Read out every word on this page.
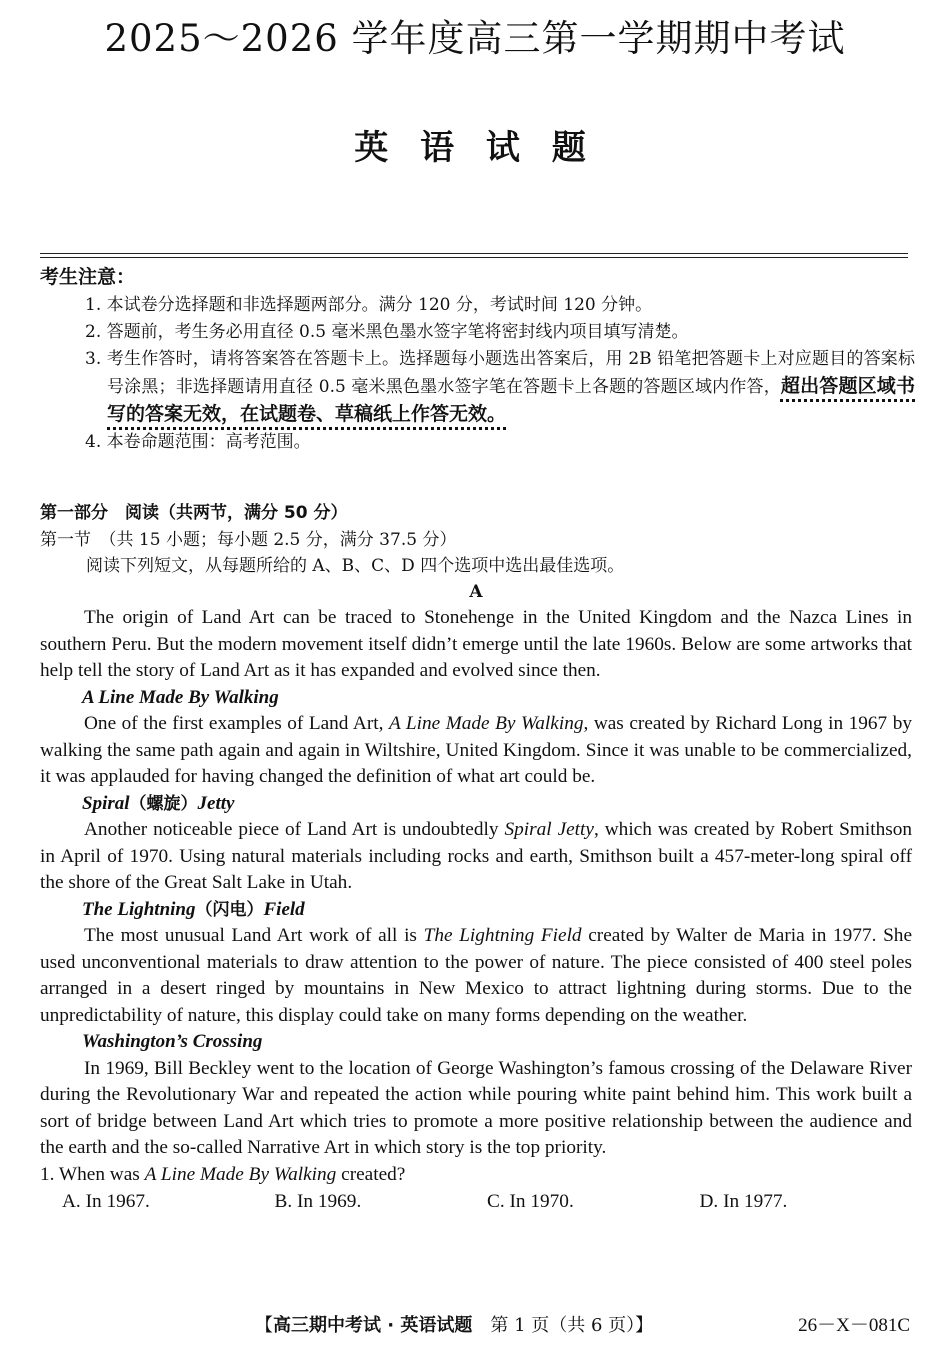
2025～2026 学年度高三第一学期期中考试
英 语 试 题
考生注意：
1. 本试卷分选择题和非选择题两部分。满分 120 分，考试时间 120 分钟。
2. 答题前，考生务必用直径 0.5 毫米黑色墨水签字笔将密封线内项目填写清楚。
3. 考生作答时，请将答案答在答题卡上。选择题每小题选出答案后，用 2B 铅笔把答题卡上对应题目的答案标号涂黑；非选择题请用直径 0.5 毫米黑色墨水签字笔在答题卡上各题的答题区域内作答，超出答题区域书写的答案无效，在试题卷、草稿纸上作答无效。
4. 本卷命题范围：高考范围。
第一部分　阅读（共两节，满分 50 分）
第一节　（共 15 小题；每小题 2.5 分，满分 37.5 分）
阅读下列短文，从每题所给的 A、B、C、D 四个选项中选出最佳选项。
A

The origin of Land Art can be traced to Stonehenge in the United Kingdom and the Nazca Lines in southern Peru. But the modern movement itself didn’t emerge until the late 1960s. Below are some artworks that help tell the story of Land Art as it has expanded and evolved since then.

A Line Made By Walking

One of the first examples of Land Art, A Line Made By Walking, was created by Richard Long in 1967 by walking the same path again and again in Wiltshire, United Kingdom. Since it was unable to be commercialized, it was applauded for having changed the definition of what art could be.

Spiral（螺旋）Jetty

Another noticeable piece of Land Art is undoubtedly Spiral Jetty, which was created by Robert Smithson in April of 1970. Using natural materials including rocks and earth, Smithson built a 457-meter-long spiral off the shore of the Great Salt Lake in Utah.

The Lightning（闪电）Field

The most unusual Land Art work of all is The Lightning Field created by Walter de Maria in 1977. She used unconventional materials to draw attention to the power of nature. The piece consisted of 400 steel poles arranged in a desert ringed by mountains in New Mexico to attract lightning during storms. Due to the unpredictability of nature, this display could take on many forms depending on the weather.

Washington’s Crossing

In 1969, Bill Beckley went to the location of George Washington’s famous crossing of the Delaware River during the Revolutionary War and repeated the action while pouring white paint behind him. This work built a sort of bridge between Land Art which tries to promote a more positive relationship between the audience and the earth and the so-called Narrative Art in which story is the top priority.

1. When was A Line Made By Walking created?
A. In 1967.	B. In 1969.	C. In 1970.	D. In 1977.
【高三期中考试 · 英语试题　第 1 页（共 6 页）】	26－X－081C
